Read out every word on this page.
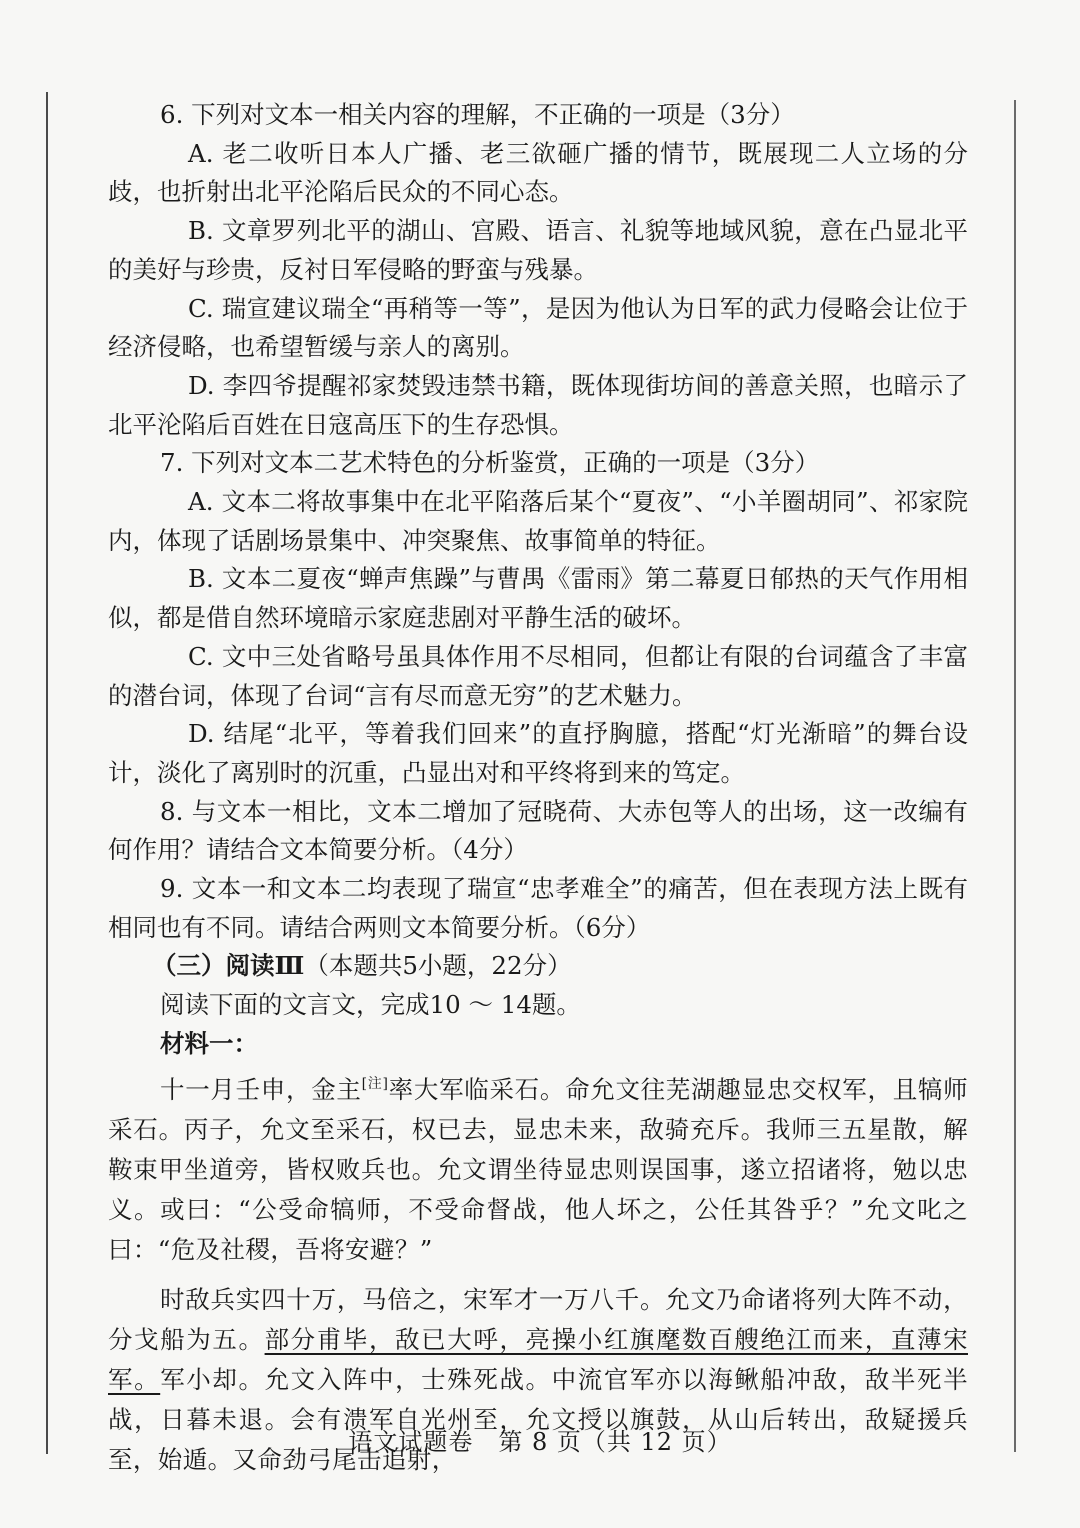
6. 下列对文本一相关内容的理解，不正确的一项是（3分）

A. 老二收听日本人广播、老三欲砸广播的情节，既展现二人立场的分歧，也折射出北平沦陷后民众的不同心态。

B. 文章罗列北平的湖山、宫殿、语言、礼貌等地域风貌，意在凸显北平的美好与珍贵，反衬日军侵略的野蛮与残暴。

C. 瑞宣建议瑞全“再稍等一等”，是因为他认为日军的武力侵略会让位于经济侵略，也希望暂缓与亲人的离别。

D. 李四爷提醒祁家焚毁违禁书籍，既体现街坊间的善意关照，也暗示了北平沦陷后百姓在日寇高压下的生存恐惧。

7. 下列对文本二艺术特色的分析鉴赏，正确的一项是（3分）

A. 文本二将故事集中在北平陷落后某个“夏夜”、“小羊圈胡同”、祁家院内，体现了话剧场景集中、冲突聚焦、故事简单的特征。

B. 文本二夏夜“蝉声焦躁”与曹禺《雷雨》第二幕夏日郁热的天气作用相似，都是借自然环境暗示家庭悲剧对平静生活的破坏。

C. 文中三处省略号虽具体作用不尽相同，但都让有限的台词蕴含了丰富的潜台词，体现了台词“言有尽而意无穷”的艺术魅力。

D. 结尾“北平，等着我们回来”的直抒胸臆，搭配“灯光渐暗”的舞台设计，淡化了离别时的沉重，凸显出对和平终将到来的笃定。

8. 与文本一相比，文本二增加了冠晓荷、大赤包等人的出场，这一改编有何作用？请结合文本简要分析。（4分）

9. 文本一和文本二均表现了瑞宣“忠孝难全”的痛苦，但在表现方法上既有相同也有不同。请结合两则文本简要分析。（6分）

（三）阅读Ⅲ（本题共5小题，22分）

阅读下面的文言文，完成10 ～ 14题。

材料一：

十一月壬申，金主[注]率大军临采石。命允文往芜湖趣显忠交权军，且犒师采石。丙子，允文至采石，权已去，显忠未来，敌骑充斥。我师三五星散，解鞍束甲坐道旁，皆权败兵也。允文谓坐待显忠则误国事，遂立招诸将，勉以忠义。或曰：“公受命犒师，不受命督战，他人坏之，公任其咎乎？”允文叱之曰：“危及社稷，吾将安避？”

时敌兵实四十万，马倍之，宋军才一万八千。允文乃命诸将列大阵不动，分戈船为五。部分甫毕，敌已大呼，亮操小红旗麾数百艘绝江而来，直薄宋军。军小却。允文入阵中，士殊死战。中流官军亦以海鳅船冲敌，敌半死半战，日暮未退。会有溃军自光州至，允文授以旗鼓，从山后转出，敌疑援兵至，始遁。又命劲弓尾击追射，

语文试题卷　第 8 页（共 12 页）
